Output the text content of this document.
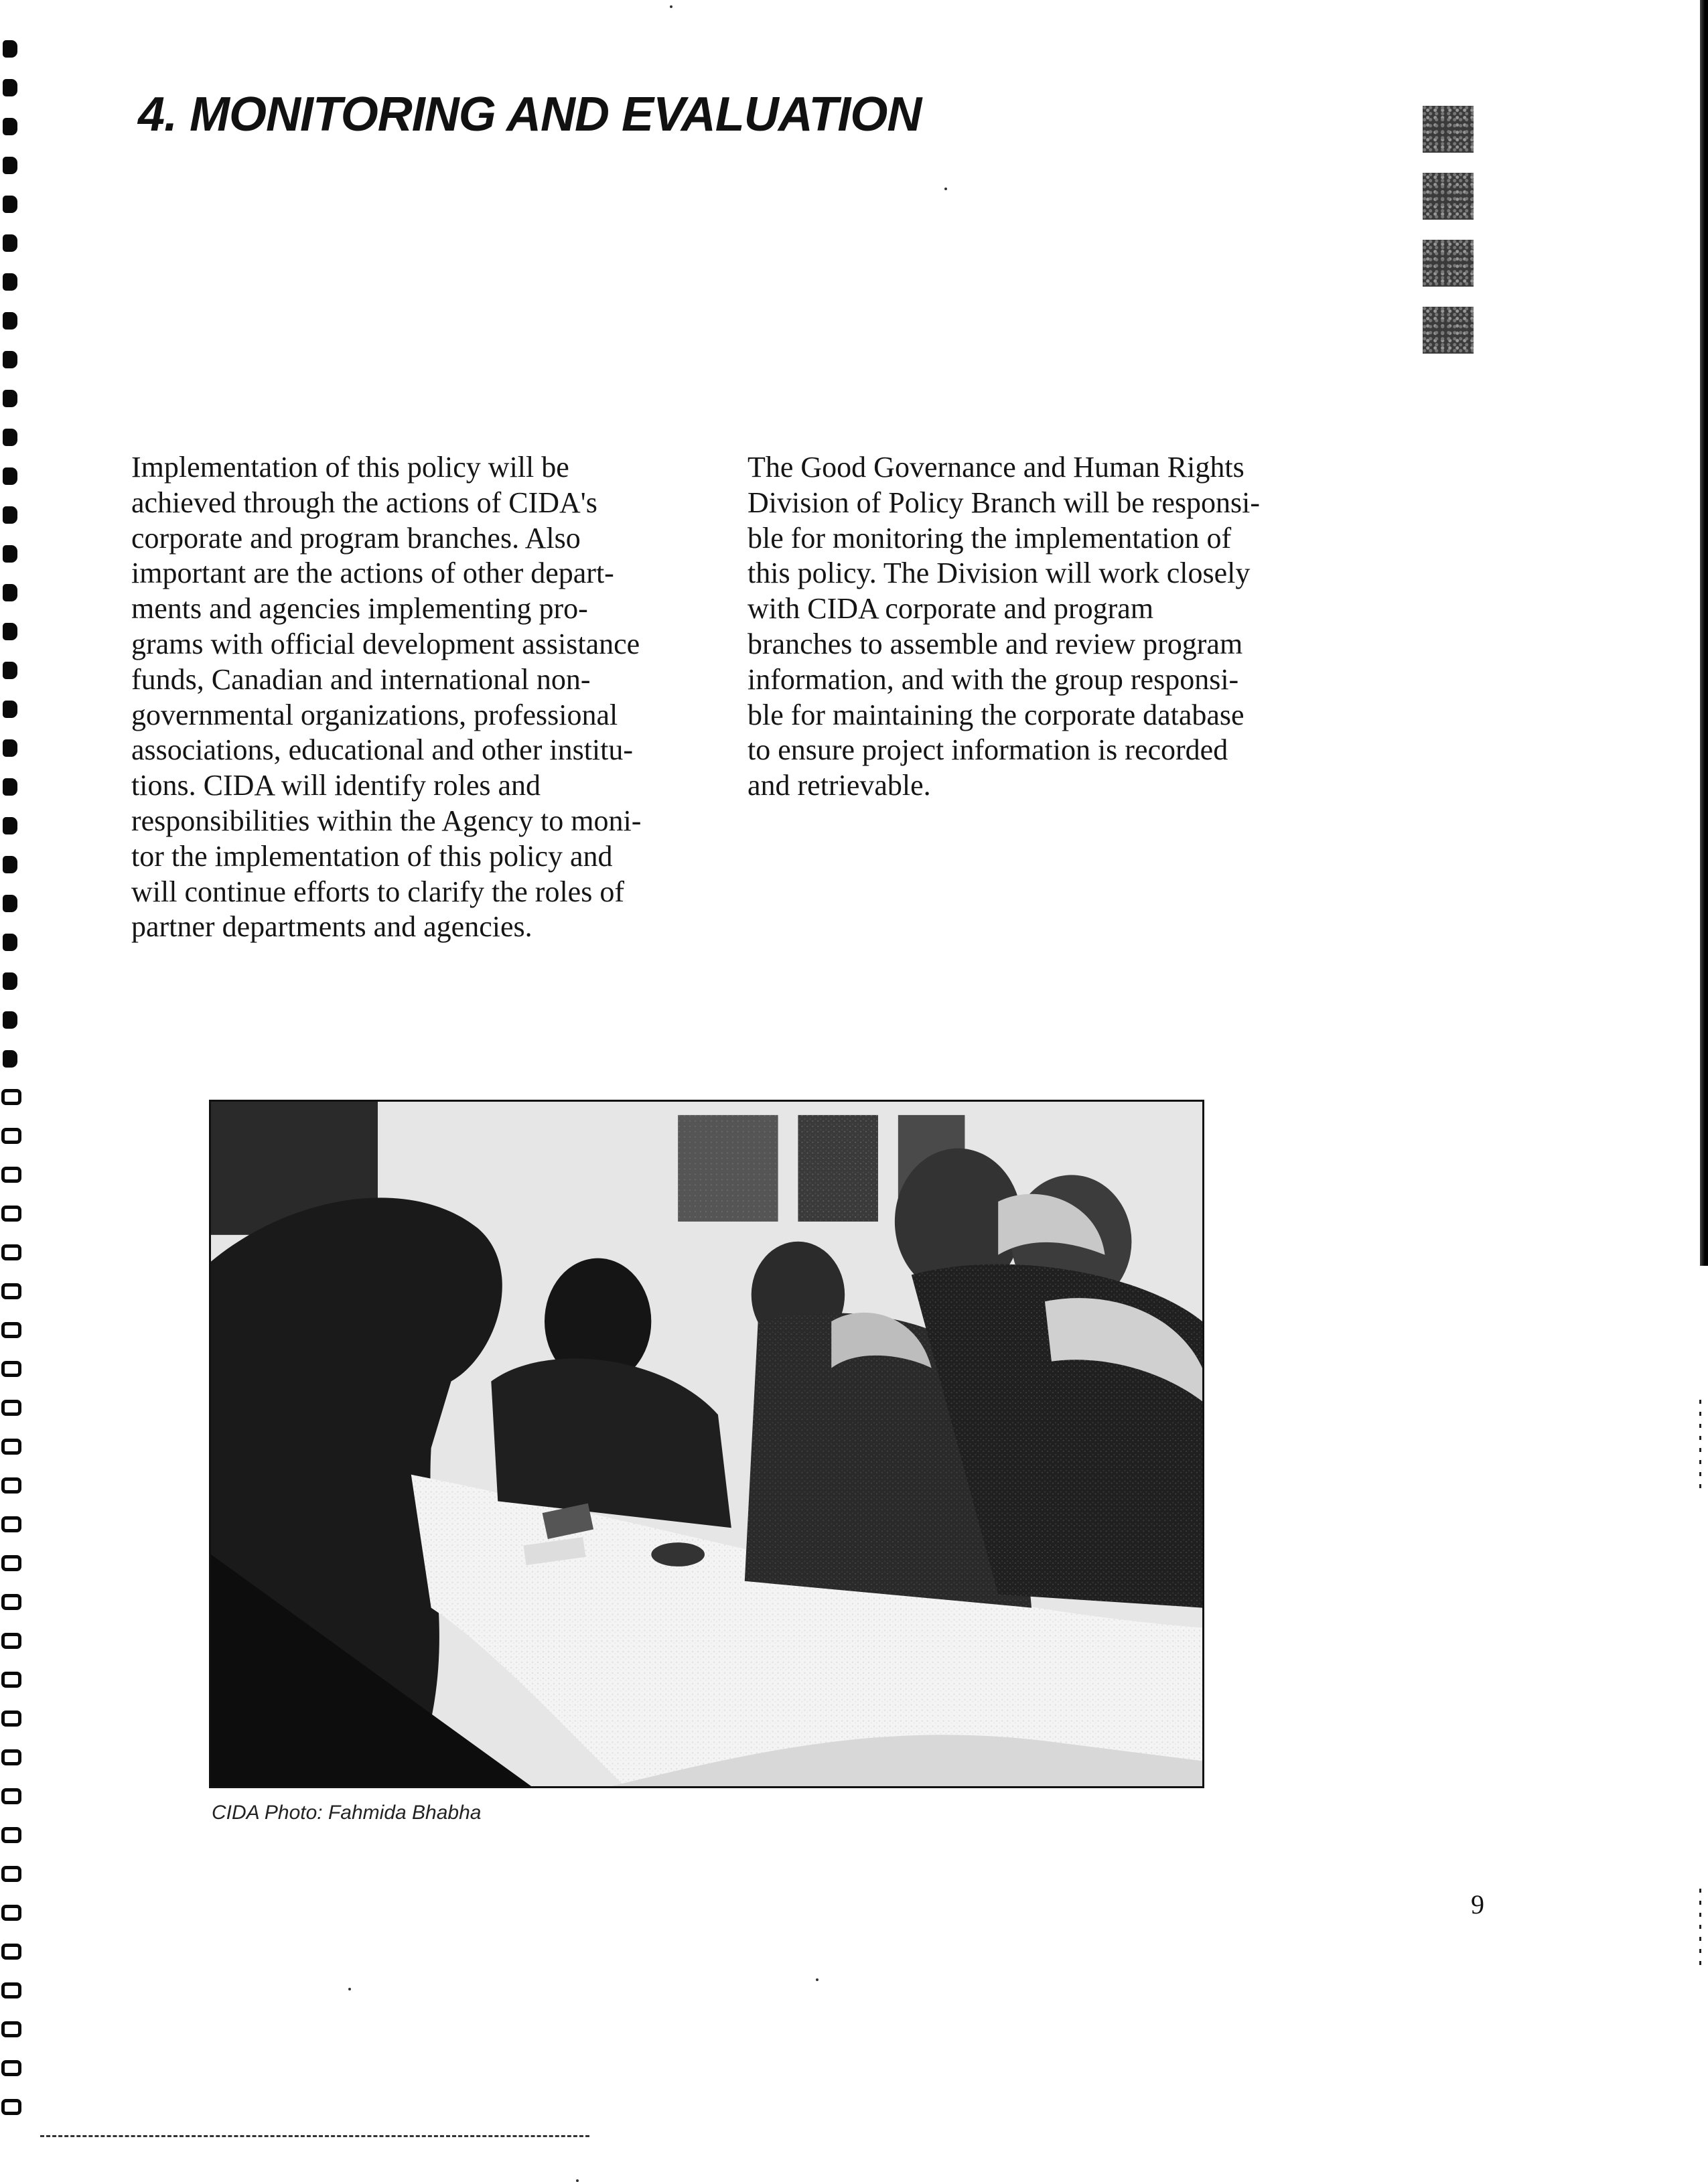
4. MONITORING AND EVALUATION
Implementation of this policy will be
achieved through the actions of CIDA's
corporate and program branches. Also
important are the actions of other depart-
ments and agencies implementing pro-
grams with official development assistance
funds, Canadian and international non-
governmental organizations, professional
associations, educational and other institu-
tions. CIDA will identify roles and
responsibilities within the Agency to moni-
tor the implementation of this policy and
will continue efforts to clarify the roles of
partner departments and agencies.
The Good Governance and Human Rights
Division of Policy Branch will be responsi-
ble for monitoring the implementation of
this policy. The Division will work closely
with CIDA corporate and program
branches to assemble and review program
information, and with the group responsi-
ble for maintaining the corporate database
to ensure project information is recorded
and retrievable.
CIDA Photo: Fahmida Bhabha
9
